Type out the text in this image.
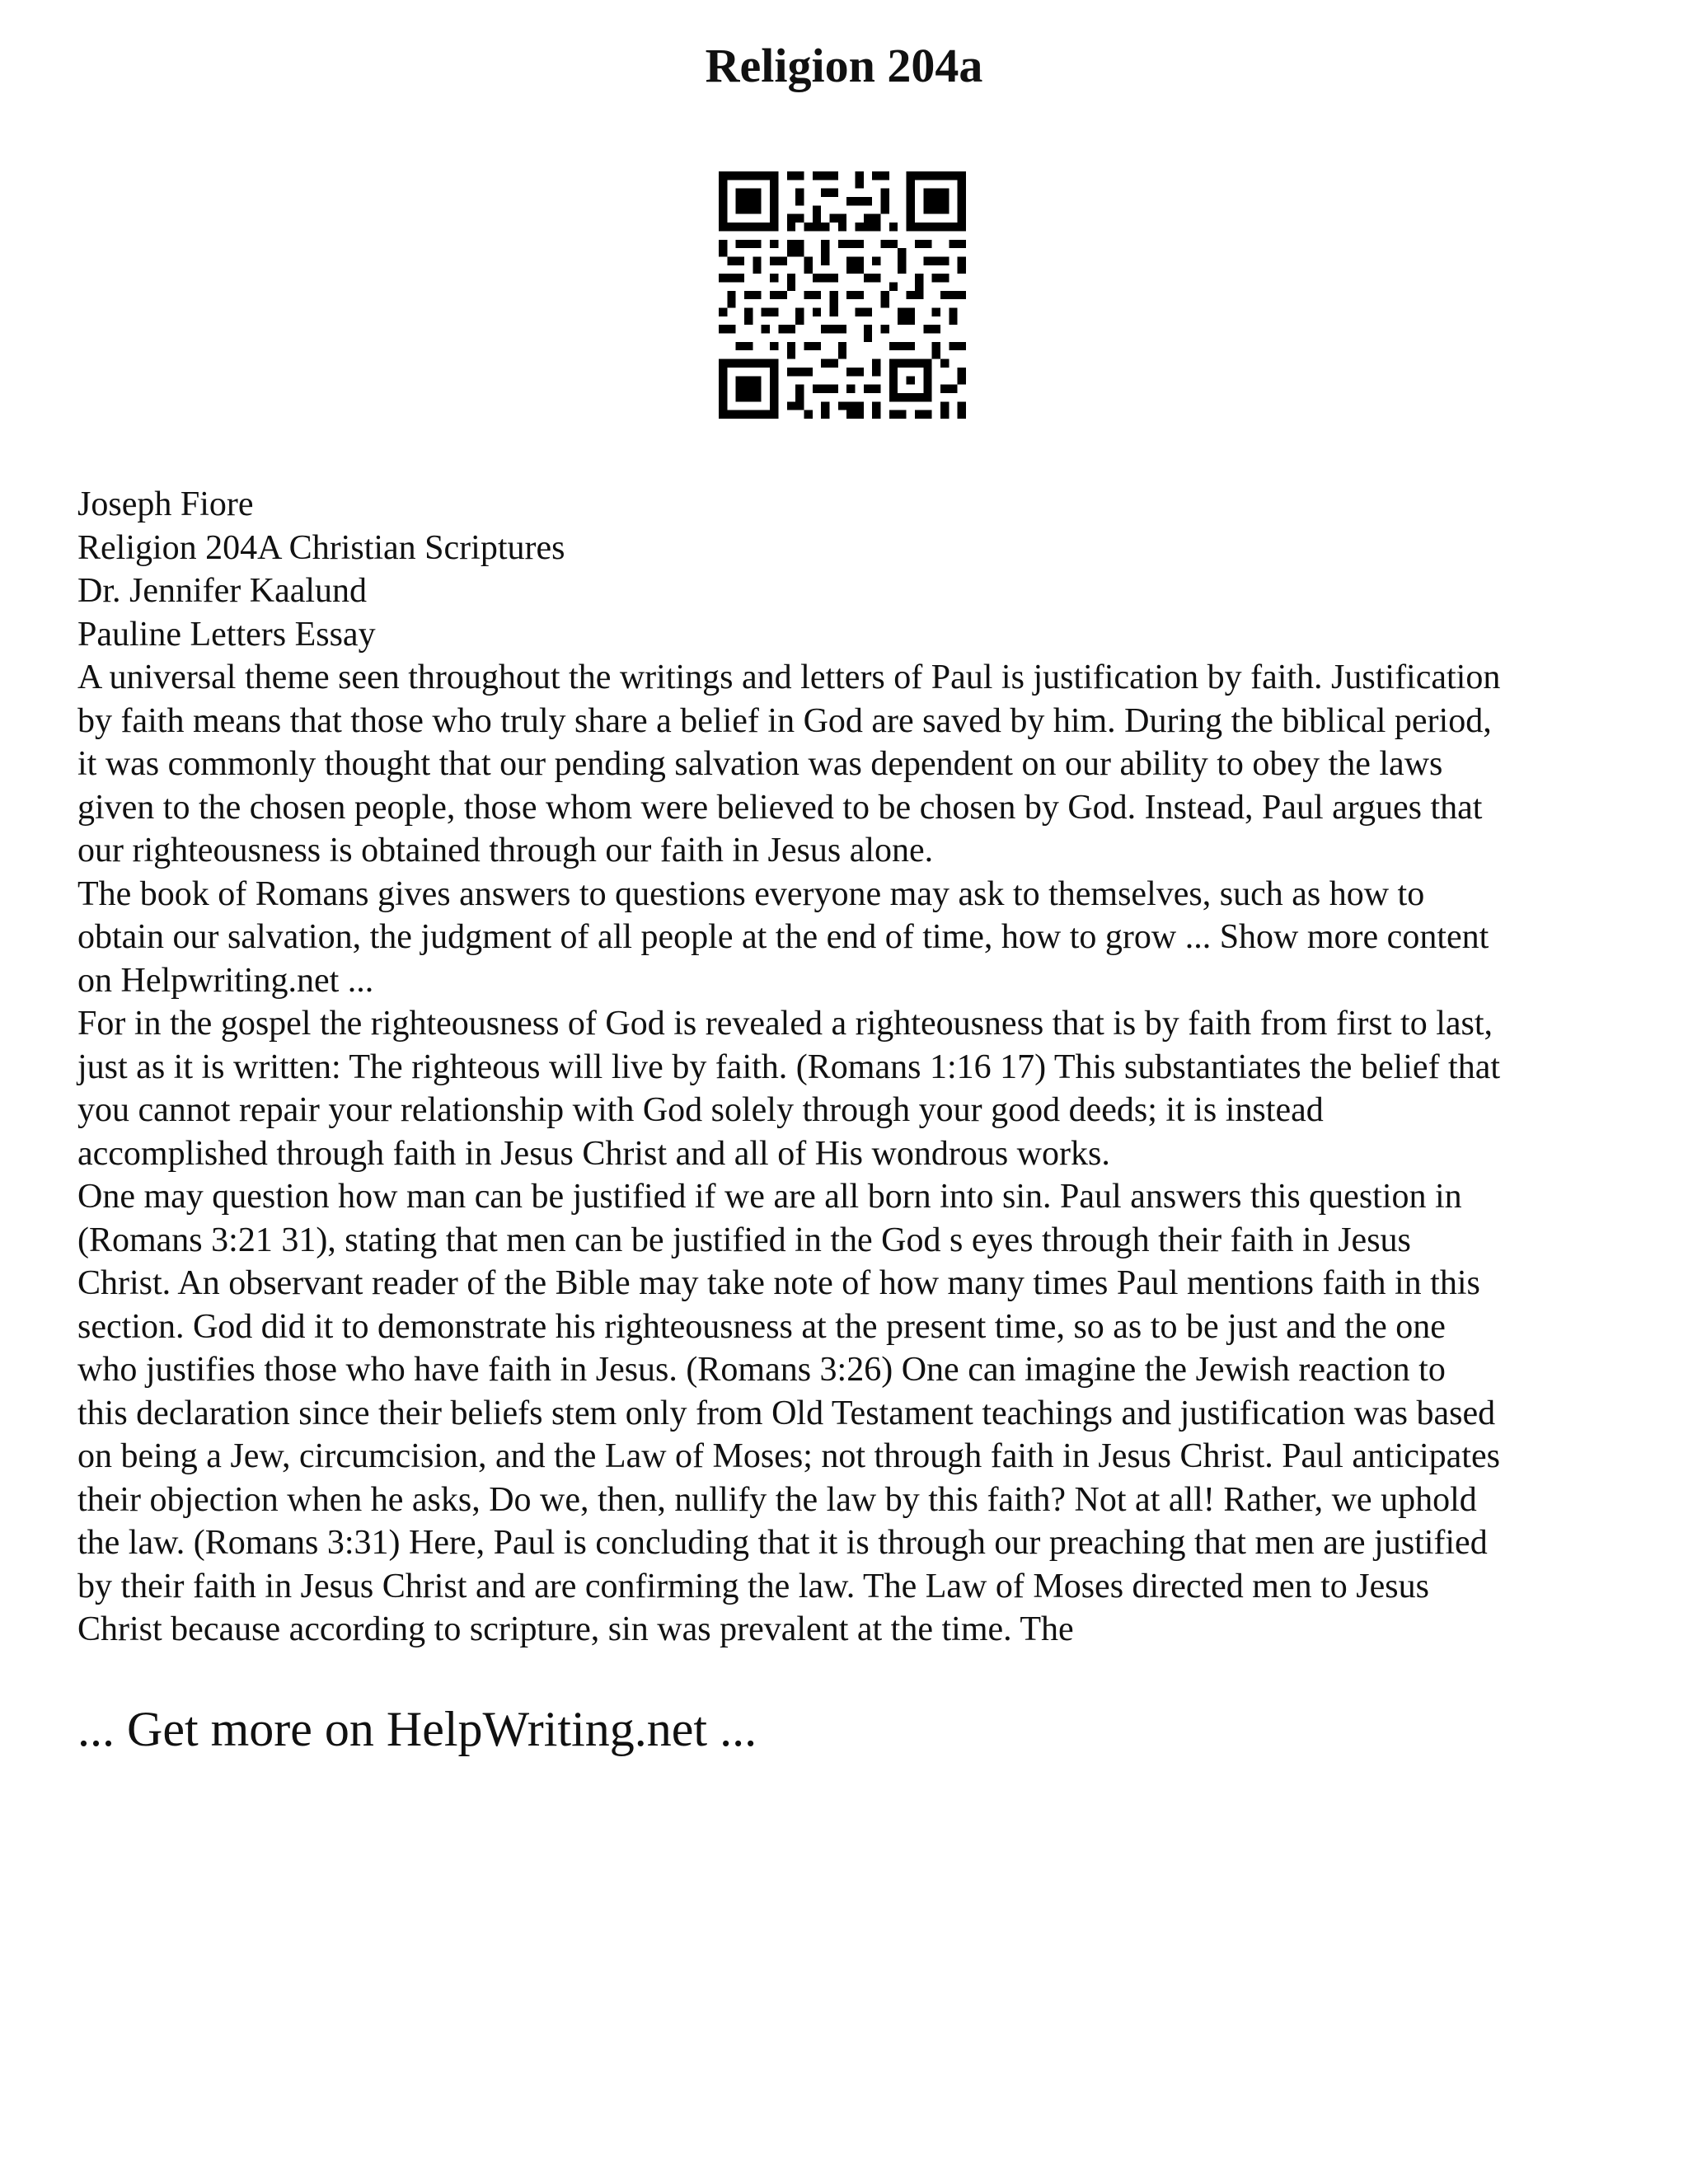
Religion 204a
Joseph Fiore
Religion 204A Christian Scriptures
Dr. Jennifer Kaalund
Pauline Letters Essay
A universal theme seen throughout the writings and letters of Paul is justification by faith. Justification
by faith means that those who truly share a belief in God are saved by him. During the biblical period,
it was commonly thought that our pending salvation was dependent on our ability to obey the laws
given to the chosen people, those whom were believed to be chosen by God. Instead, Paul argues that
our righteousness is obtained through our faith in Jesus alone.
The book of Romans gives answers to questions everyone may ask to themselves, such as how to
obtain our salvation, the judgment of all people at the end of time, how to grow ... Show more content
on Helpwriting.net ...
For in the gospel the righteousness of God is revealed a righteousness that is by faith from first to last,
just as it is written: The righteous will live by faith. (Romans 1:16 17) This substantiates the belief that
you cannot repair your relationship with God solely through your good deeds; it is instead
accomplished through faith in Jesus Christ and all of His wondrous works.
One may question how man can be justified if we are all born into sin. Paul answers this question in
(Romans 3:21 31), stating that men can be justified in the God s eyes through their faith in Jesus
Christ. An observant reader of the Bible may take note of how many times Paul mentions faith in this
section. God did it to demonstrate his righteousness at the present time, so as to be just and the one
who justifies those who have faith in Jesus. (Romans 3:26) One can imagine the Jewish reaction to
this declaration since their beliefs stem only from Old Testament teachings and justification was based
on being a Jew, circumcision, and the Law of Moses; not through faith in Jesus Christ. Paul anticipates
their objection when he asks, Do we, then, nullify the law by this faith? Not at all! Rather, we uphold
the law. (Romans 3:31) Here, Paul is concluding that it is through our preaching that men are justified
by their faith in Jesus Christ and are confirming the law. The Law of Moses directed men to Jesus
Christ because according to scripture, sin was prevalent at the time. The

... Get more on HelpWriting.net ...
